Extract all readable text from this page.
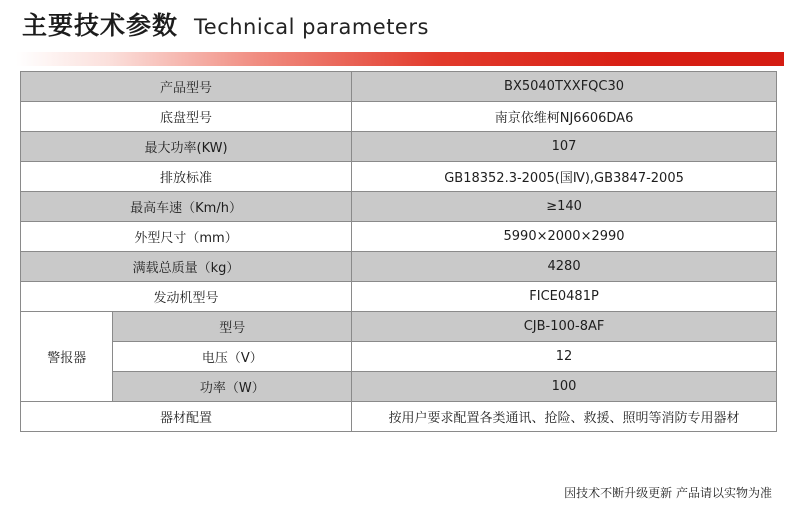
主要技术参数 Technical parameters
产品型号		BX5040TXXFQC30
底盘型号		南京依维柯NJ6606DA6
最大功率(KW)		107
排放标准		GB18352.3-2005(国Ⅳ),GB3847-2005
最高车速（Km/h）		≥140
外型尺寸（mm）		5990×2000×2990
满载总质量（kg）		4280
发动机型号		FICE0481P
警报器	型号	CJB-100-8AF
	电压（V）	12
	功率（W）	100
器材配置		按用户要求配置各类通讯、抢险、救援、照明等消防专用器材
因技术不断升级更新 产品请以实物为准
